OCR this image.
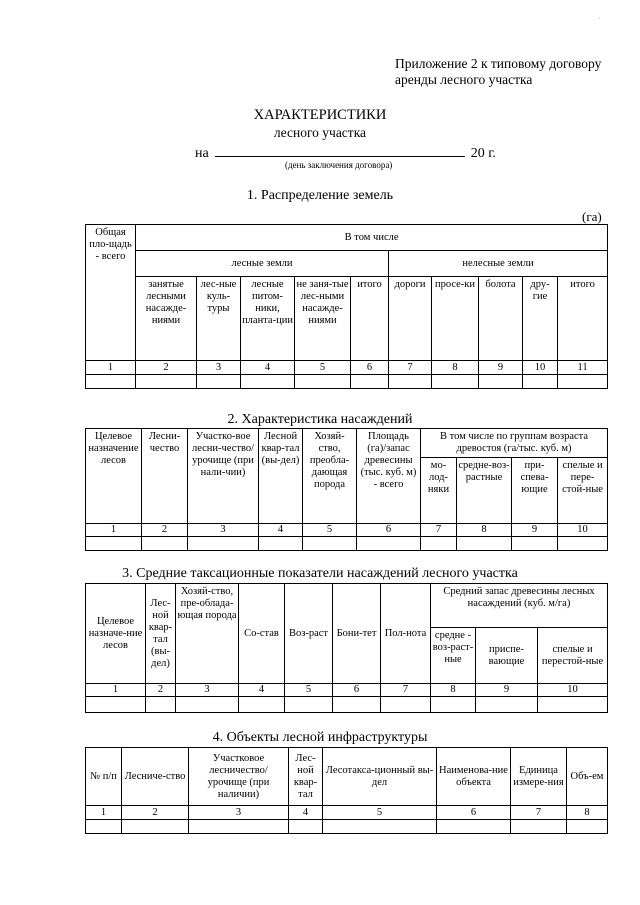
·
Приложение 2 к типовому договору аренды лесного участка
ХАРАКТЕРИСТИКИ
лесного участка
на	20 г.
(день заключения договора)
1. Распределение земель
(га)
Общая пло-щадь - всего	В том числе									
	лесные земли					нелесные земли				
	занятые лесными насажде-ниями	лес-ные куль-туры	лесные питом-ники, планта-ции	не заня-тые лес-ными насажде-ниями	итого	дороги	просе-ки	болота	дру-гие	итого
1	2	3	4	5	6	7	8	9	10	11

2. Характеристика насаждений
Целевое назначение лесов	Лесни-чество	Участко-вое лесни-чество/ урочище (при нали-чии)	Лесной квар-тал (вы-дел)	Хозяй-ство, преобла-дающая порода	Площадь (га)/запас древесины (тыс. куб. м) - всего	В том числе по группам возраста древостоя (га/тыс. куб. м)			
						мо-лод-няки	средне-воз-растные	при-спева-ющие	спелые и пере-стой-ные
1	2	3	4	5	6	7	8	9	10

3. Средние таксационные показатели насаждений лесного участка
Целевое назначе-ние лесов	Лес-ной квар-тал (вы-дел)	Хозяй-ство, пре-облада-ющая порода	Со-став	Воз-раст	Бони-тет	Пол-нота	Средний запас древесины лесных насаждений (куб. м/га)		
							средне - воз-раст-ные	приспе-вающие	спелые и перестой-ные
1	2	3	4	5	6	7	8	9	10

4. Объекты лесной инфраструктуры
№ п/п	Лесниче-ство	Участковое лесничество/ урочище (при наличии)	Лес-ной квар-тал	Лесотакса-ционный вы-дел	Наименова-ние объекта	Единица измере-ния	Объ-ем
1	2	3	4	5	6	7	8
